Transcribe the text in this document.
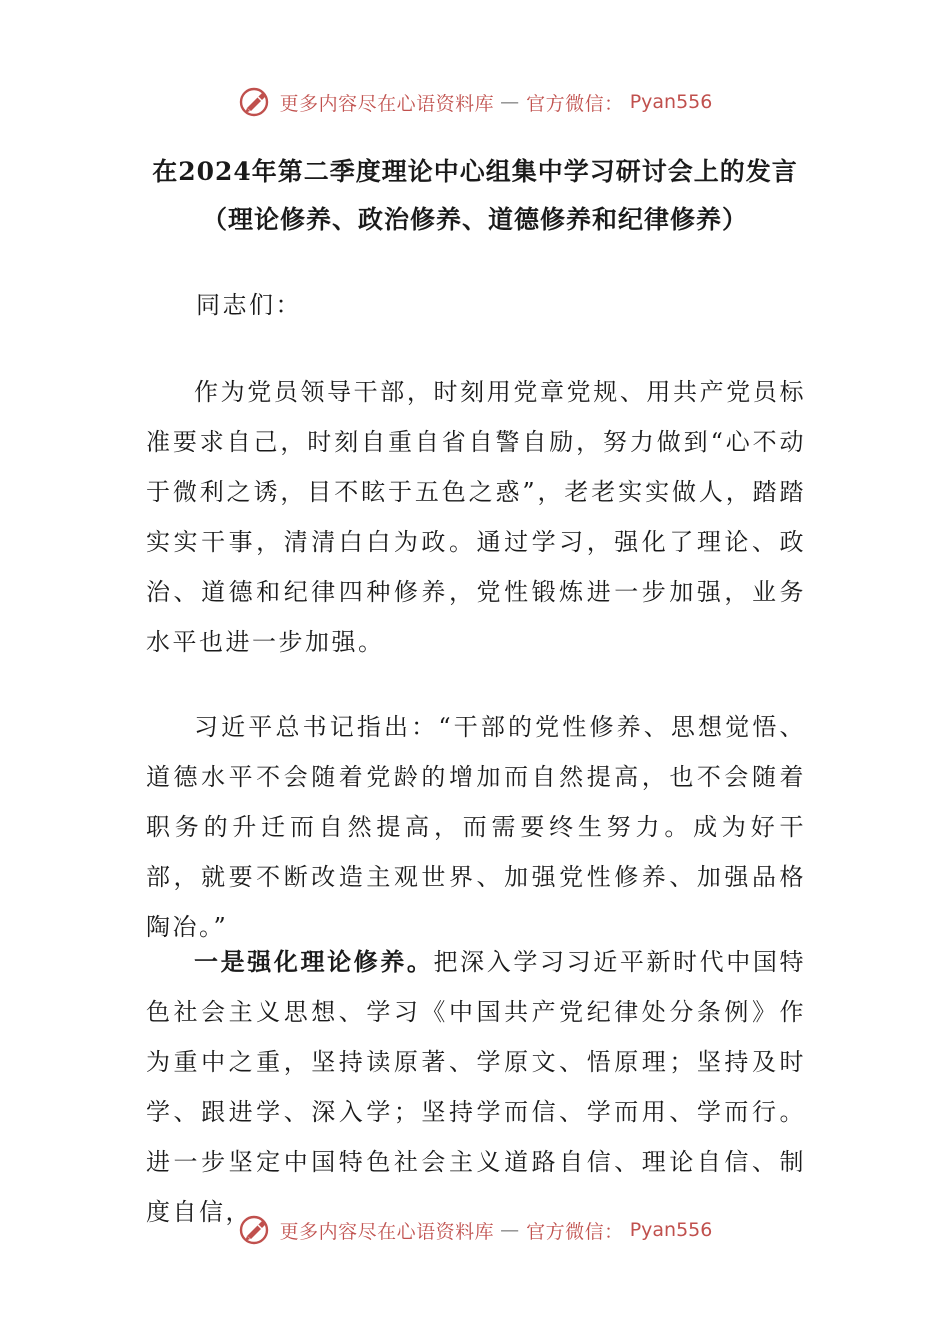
更多内容尽在心语资料库 — 官方微信： Pyan556
在2024年第二季度理论中心组集中学习研讨会上的发言
（理论修养、政治修养、道德修养和纪律修养）
同志们：

作为党员领导干部，时刻用党章党规、用共产党员标准要求自己，时刻自重自省自警自励，努力做到“心不动于微利之诱，目不眩于五色之惑”，老老实实做人，踏踏实实干事，清清白白为政。通过学习，强化了理论、政治、道德和纪律四种修养，党性锻炼进一步加强，业务水平也进一步加强。

习近平总书记指出：“干部的党性修养、思想觉悟、道德水平不会随着党龄的增加而自然提高，也不会随着职务的升迁而自然提高，而需要终生努力。成为好干部，就要不断改造主观世界、加强党性修养、加强品格陶冶。”

一是强化理论修养。把深入学习习近平新时代中国特色社会主义思想、学习《中国共产党纪律处分条例》作为重中之重，坚持读原著、学原文、悟原理；坚持及时学、跟进学、深入学；坚持学而信、学而用、学而行。进一步坚定中国特色社会主义道路自信、理论自信、制度自信，

更多内容尽在心语资料库 — 官方微信： Pyan556
